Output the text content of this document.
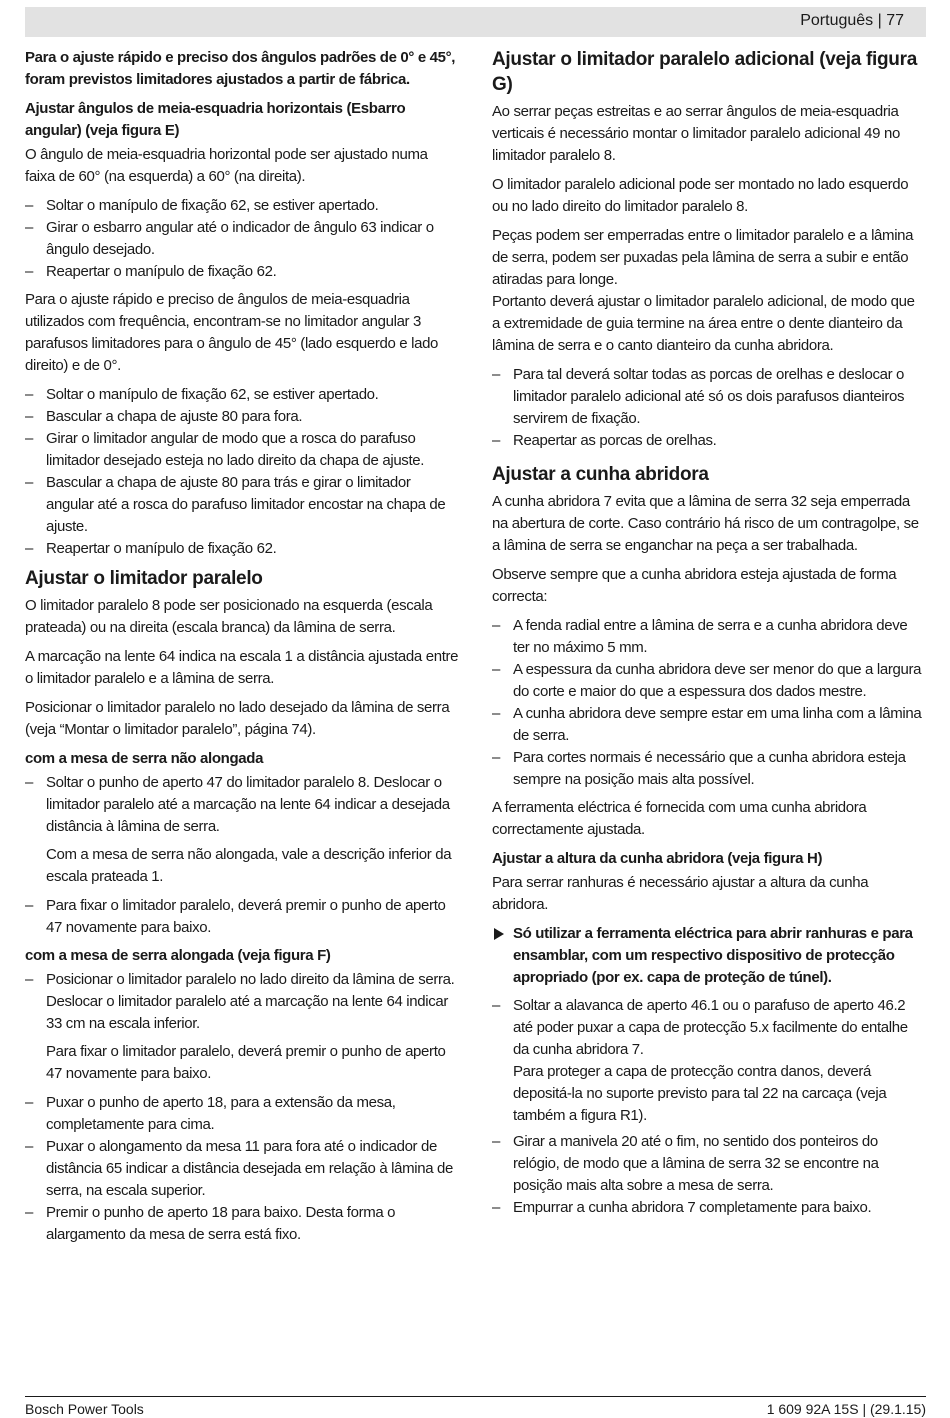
Português | 77

Para o ajuste rápido e preciso dos ângulos padrões de 0° e 45°, foram previstos limitadores ajustados a partir de fábrica.

Ajustar ângulos de meia-esquadria horizontais (Esbarro angular) (veja figura E)

O ângulo de meia-esquadria horizontal pode ser ajustado numa faixa de 60° (na esquerda) a 60° (na direita).

– Soltar o manípulo de fixação 62, se estiver apertado.
– Girar o esbarro angular até o indicador de ângulo 63 indicar o ângulo desejado.
– Reapertar o manípulo de fixação 62.

Para o ajuste rápido e preciso de ângulos de meia-esquadria utilizados com frequência, encontram-se no limitador angular 3 parafusos limitadores para o ângulo de 45° (lado esquerdo e lado direito) e de 0°.

– Soltar o manípulo de fixação 62, se estiver apertado.
– Bascular a chapa de ajuste 80 para fora.
– Girar o limitador angular de modo que a rosca do parafuso limitador desejado esteja no lado direito da chapa de ajuste.
– Bascular a chapa de ajuste 80 para trás e girar o limitador angular até a rosca do parafuso limitador encostar na chapa de ajuste.
– Reapertar o manípulo de fixação 62.
Ajustar o limitador paralelo

O limitador paralelo 8 pode ser posicionado na esquerda (escala prateada) ou na direita (escala branca) da lâmina de serra.

A marcação na lente 64 indica na escala 1 a distância ajustada entre o limitador paralelo e a lâmina de serra.

Posicionar o limitador paralelo no lado desejado da lâmina de serra (veja “Montar o limitador paralelo”, página 74).

com a mesa de serra não alongada
– Soltar o punho de aperto 47 do limitador paralelo 8. Deslocar o limitador paralelo até a marcação na lente 64 indicar a desejada distância à lâmina de serra.
Com a mesa de serra não alongada, vale a descrição inferior da escala prateada 1.
– Para fixar o limitador paralelo, deverá premir o punho de aperto 47 novamente para baixo.
com a mesa de serra alongada (veja figura F)
– Posicionar o limitador paralelo no lado direito da lâmina de serra. Deslocar o limitador paralelo até a marcação na lente 64 indicar 33 cm na escala inferior.
Para fixar o limitador paralelo, deverá premir o punho de aperto 47 novamente para baixo.
– Puxar o punho de aperto 18, para a extensão da mesa, completamente para cima.
– Puxar o alongamento da mesa 11 para fora até o indicador de distância 65 indicar a distância desejada em relação à lâmina de serra, na escala superior.
– Premir o punho de aperto 18 para baixo. Desta forma o alargamento da mesa de serra está fixo.
Ajustar o limitador paralelo adicional (veja figura G)

Ao serrar peças estreitas e ao serrar ângulos de meia-esquadria verticais é necessário montar o limitador paralelo adicional 49 no limitador paralelo 8.

O limitador paralelo adicional pode ser montado no lado esquerdo ou no lado direito do limitador paralelo 8.

Peças podem ser emperradas entre o limitador paralelo e a lâmina de serra, podem ser puxadas pela lâmina de serra a subir e então atiradas para longe.

Portanto deverá ajustar o limitador paralelo adicional, de modo que a extremidade de guia termine na área entre o dente dianteiro da lâmina de serra e o canto dianteiro da cunha abridora.

– Para tal deverá soltar todas as porcas de orelhas e deslocar o limitador paralelo adicional até só os dois parafusos dianteiros servirem de fixação.
– Reapertar as porcas de orelhas.
Ajustar a cunha abridora

A cunha abridora 7 evita que a lâmina de serra 32 seja emperrada na abertura de corte. Caso contrário há risco de um contragolpe, se a lâmina de serra se enganchar na peça a ser trabalhada.

Observe sempre que a cunha abridora esteja ajustada de forma correcta:

– A fenda radial entre a lâmina de serra e a cunha abridora deve ter no máximo 5 mm.
– A espessura da cunha abridora deve ser menor do que a largura do corte e maior do que a espessura dos dados mestre.
– A cunha abridora deve sempre estar em uma linha com a lâmina de serra.
– Para cortes normais é necessário que a cunha abridora esteja sempre na posição mais alta possível.

A ferramenta eléctrica é fornecida com uma cunha abridora correctamente ajustada.

Ajustar a altura da cunha abridora (veja figura H)

Para serrar ranhuras é necessário ajustar a altura da cunha abridora.

Só utilizar a ferramenta eléctrica para abrir ranhuras e para ensamblar, com um respectivo dispositivo de protecção apropriado (por ex. capa de proteção de túnel).
– Soltar a alavanca de aperto 46.1 ou o parafuso de aperto 46.2 até poder puxar a capa de protecção 5.x facilmente do entalhe da cunha abridora 7.
Para proteger a capa de protecção contra danos, deverá depositá-la no suporte previsto para tal 22 na carcaça (veja também a figura R1).
– Girar a manivela 20 até o fim, no sentido dos ponteiros do relógio, de modo que a lâmina de serra 32 se encontre na posição mais alta sobre a mesa de serra.
– Empurrar a cunha abridora 7 completamente para baixo.
Bosch Power Tools	1 609 92A 15S | (29.1.15)
